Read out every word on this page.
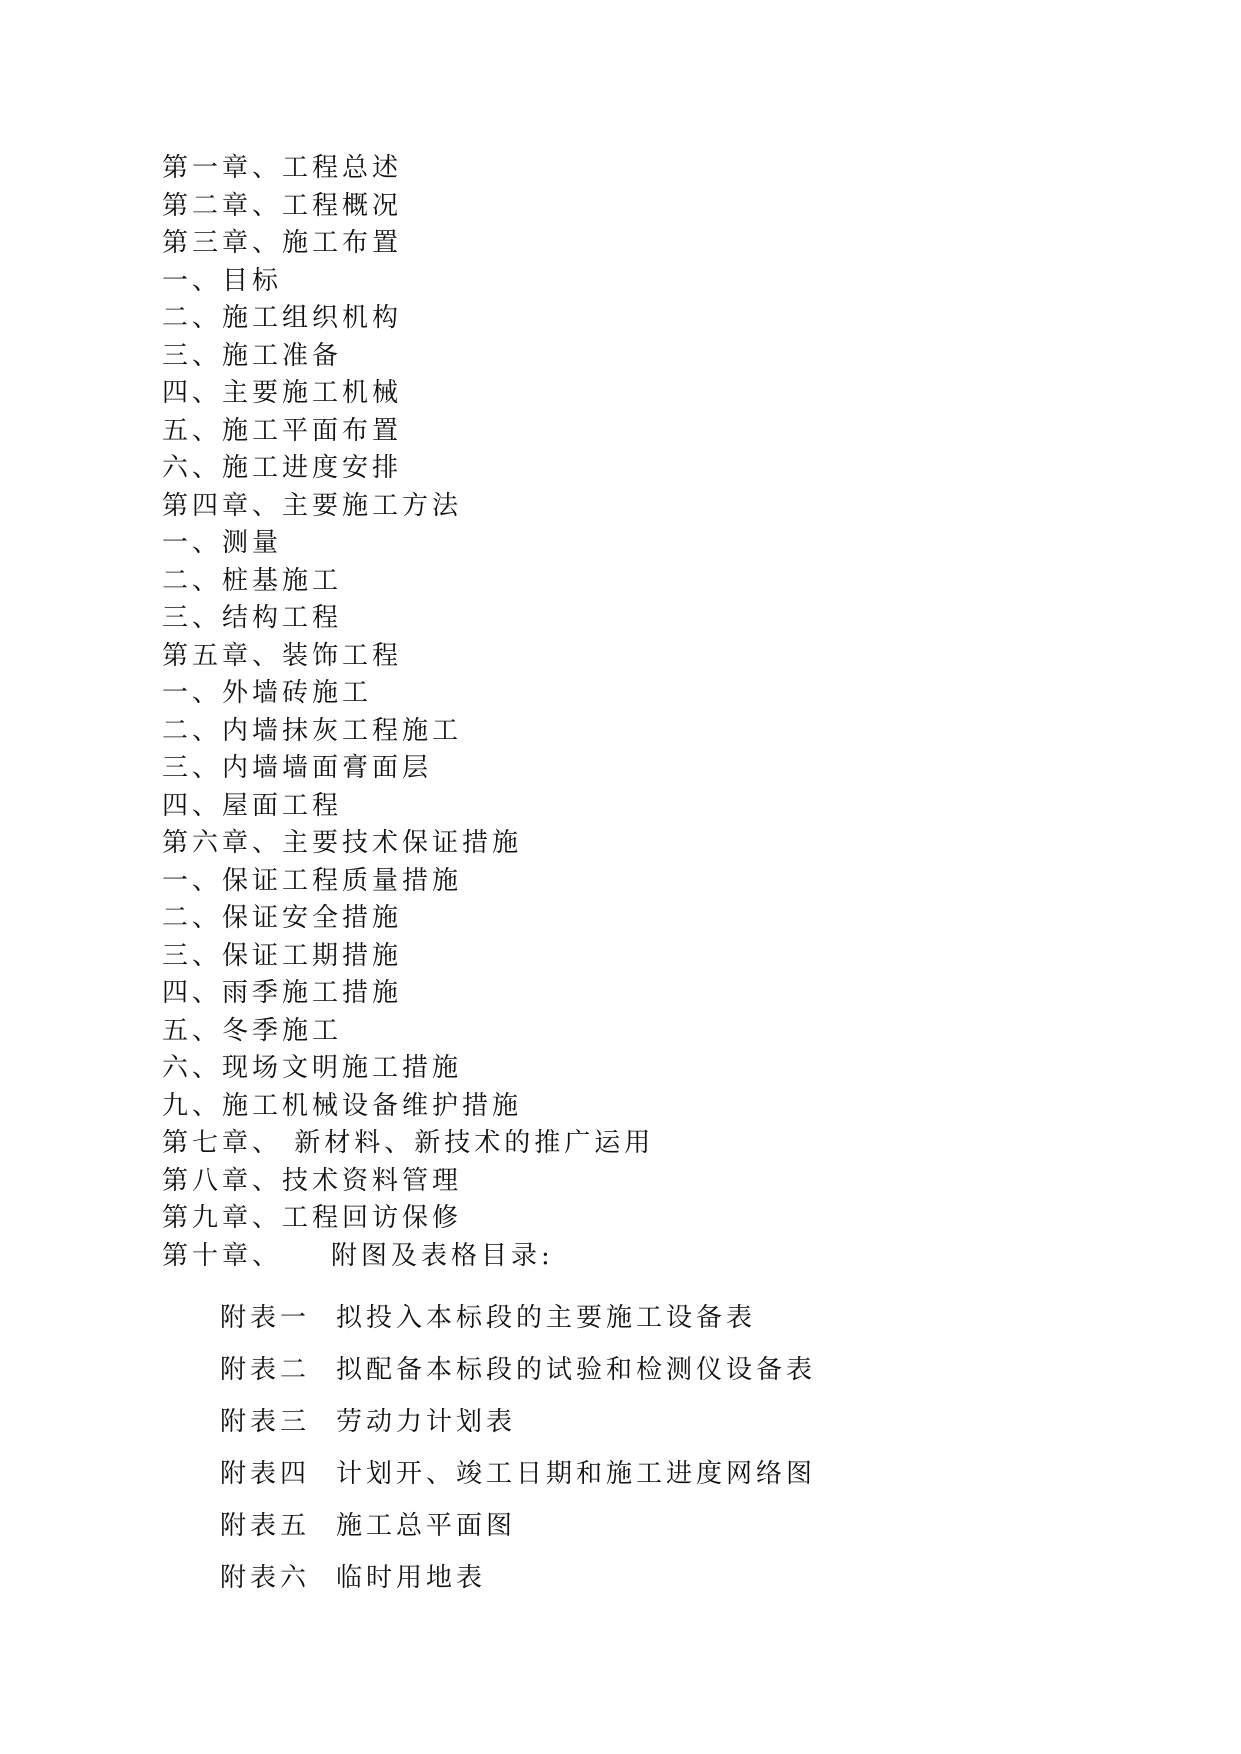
第一章、工程总述
第二章、工程概况
第三章、施工布置
一、目标
二、施工组织机构
三、施工准备
四、主要施工机械
五、施工平面布置
六、施工进度安排
第四章、主要施工方法
一、测量
二、桩基施工
三、结构工程
第五章、装饰工程
一、外墙砖施工
二、内墙抹灰工程施工
三、内墙墙面膏面层
四、屋面工程
第六章、主要技术保证措施
一、保证工程质量措施
二、保证安全措施
三、保证工期措施
四、雨季施工措施
五、冬季施工
六、现场文明施工措施
九、施工机械设备维护措施
第七章、 新材料、新技术的推广运用
第八章、技术资料管理
第九章、工程回访保修
第十章、    附图及表格目录:
附表一 拟投入本标段的主要施工设备表
附表二 拟配备本标段的试验和检测仪设备表
附表三 劳动力计划表
附表四 计划开、竣工日期和施工进度网络图
附表五 施工总平面图
附表六 临时用地表
